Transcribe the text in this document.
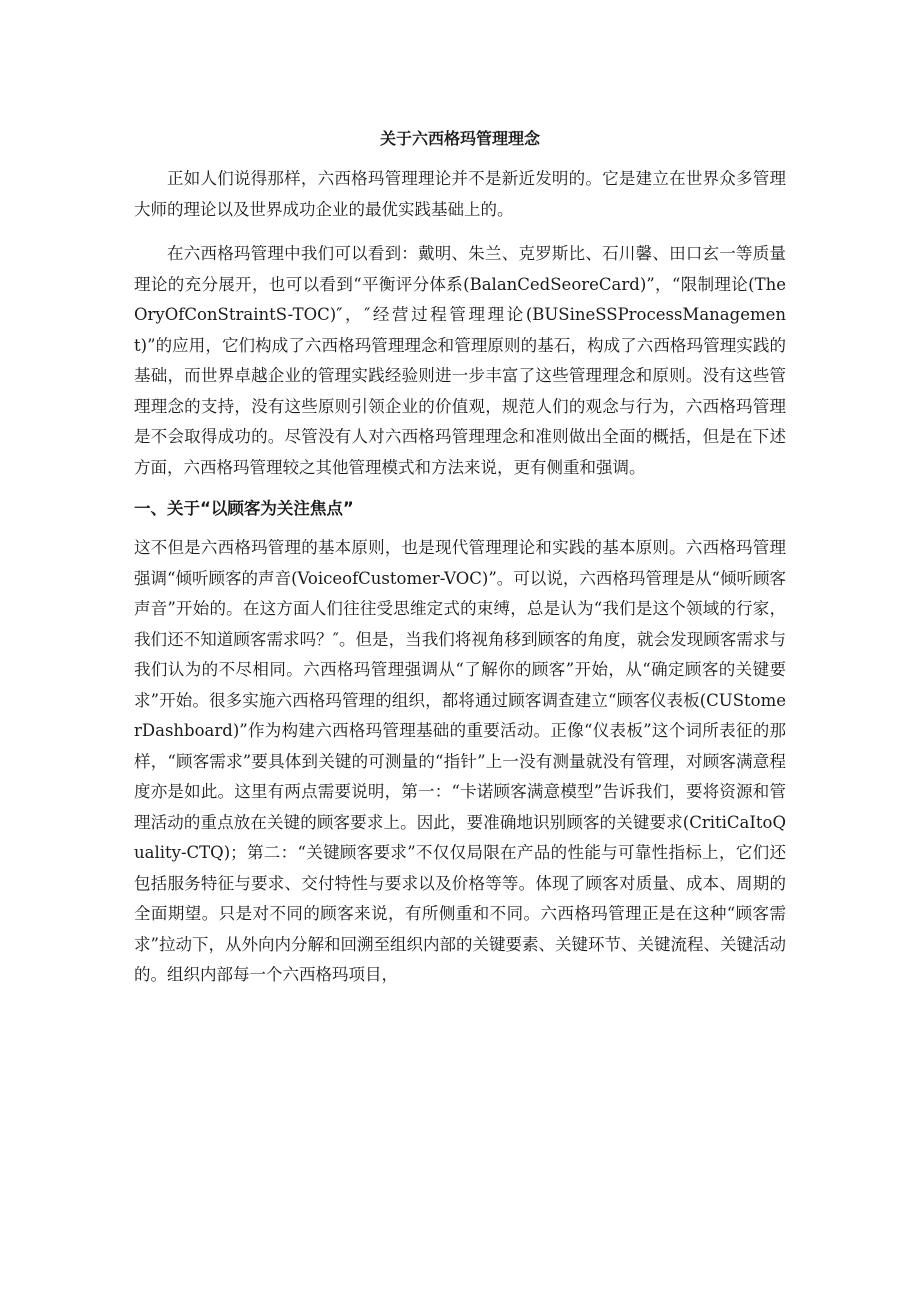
关于六西格玛管理理念

正如人们说得那样，六西格玛管理理论并不是新近发明的。它是建立在世界众多管理大师的理论以及世界成功企业的最优实践基础上的。

在六西格玛管理中我们可以看到：戴明、朱兰、克罗斯比、石川馨、田口玄一等质量理论的充分展开，也可以看到“平衡评分体系(BalanCedSeoreCard)”，“限制理论(TheOryOfConStraintS-TOC)″，″经营过程管理理论(BUSineSSProcessManagement)”的应用，它们构成了六西格玛管理理念和管理原则的基石，构成了六西格玛管理实践的基础，而世界卓越企业的管理实践经验则进一步丰富了这些管理理念和原则。没有这些管理理念的支持，没有这些原则引领企业的价值观，规范人们的观念与行为，六西格玛管理是不会取得成功的。尽管没有人对六西格玛管理理念和准则做出全面的概括，但是在下述方面，六西格玛管理较之其他管理模式和方法来说，更有侧重和强调。

一、关于“以顾客为关注焦点”

这不但是六西格玛管理的基本原则，也是现代管理理论和实践的基本原则。六西格玛管理强调“倾听顾客的声音(VoiceofCustomer-VOC)”。可以说，六西格玛管理是从“倾听顾客声音”开始的。在这方面人们往往受思维定式的束缚，总是认为“我们是这个领域的行家，我们还不知道顾客需求吗？″。但是，当我们将视角移到顾客的角度，就会发现顾客需求与我们认为的不尽相同。六西格玛管理强调从“了解你的顾客”开始，从“确定顾客的关键要求”开始。很多实施六西格玛管理的组织，都将通过顾客调查建立“顾客仪表板(CUStomerDashboard)”作为构建六西格玛管理基础的重要活动。正像“仪表板”这个词所表征的那样，“顾客需求”要具体到关键的可测量的“指针”上一没有测量就没有管理，对顾客满意程度亦是如此。这里有两点需要说明，第一：“卡诺顾客满意模型”告诉我们，要将资源和管理活动的重点放在关键的顾客要求上。因此，要准确地识别顾客的关键要求(CritiCaItoQuality-CTQ)；第二：“关键顾客要求”不仅仅局限在产品的性能与可靠性指标上，它们还包括服务特征与要求、交付特性与要求以及价格等等。体现了顾客对质量、成本、周期的全面期望。只是对不同的顾客来说，有所侧重和不同。六西格玛管理正是在这种“顾客需求”拉动下，从外向内分解和回溯至组织内部的关键要素、关键环节、关键流程、关键活动的。组织内部每一个六西格玛项目，
